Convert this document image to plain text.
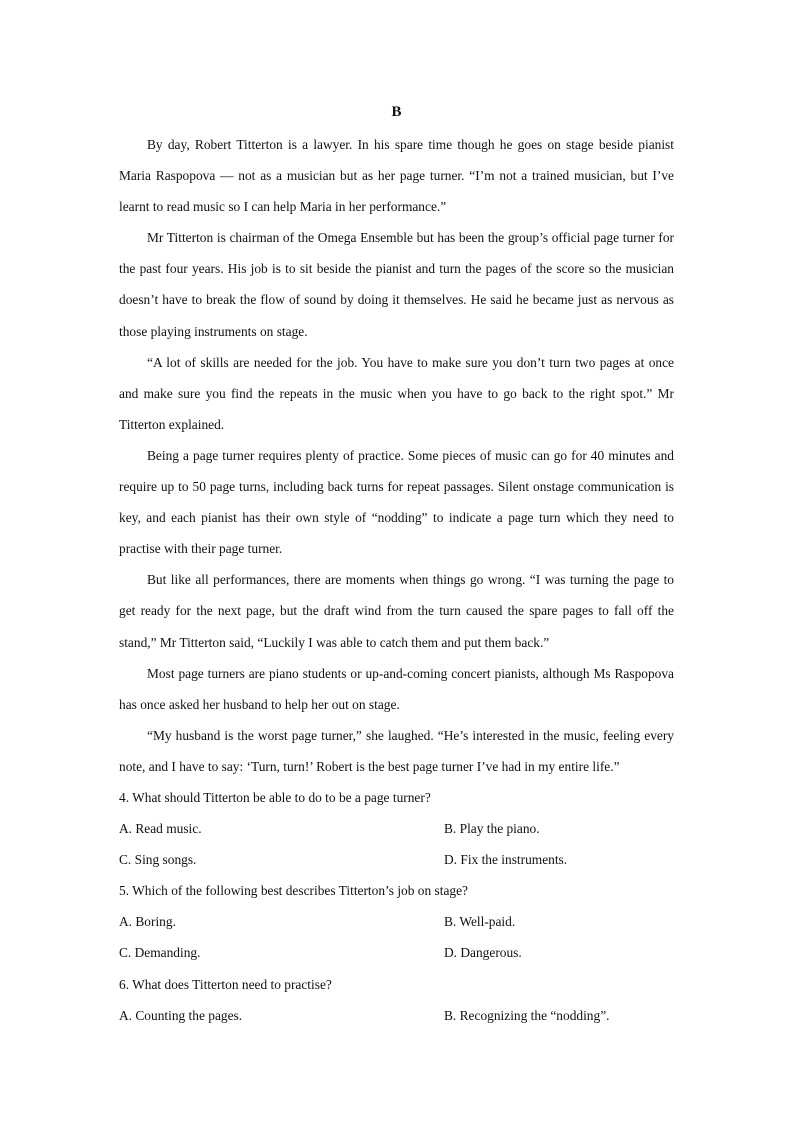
B

By day, Robert Titterton is a lawyer. In his spare time though he goes on stage beside pianist Maria Raspopova — not as a musician but as her page turner. “I’m not a trained musician, but I’ve learnt to read music so I can help Maria in her performance.”

Mr Titterton is chairman of the Omega Ensemble but has been the group’s official page turner for the past four years. His job is to sit beside the pianist and turn the pages of the score so the musician doesn’t have to break the flow of sound by doing it themselves. He said he became just as nervous as those playing instruments on stage.

“A lot of skills are needed for the job. You have to make sure you don’t turn two pages at once and make sure you find the repeats in the music when you have to go back to the right spot.” Mr Titterton explained.

Being a page turner requires plenty of practice. Some pieces of music can go for 40 minutes and require up to 50 page turns, including back turns for repeat passages. Silent onstage communication is key, and each pianist has their own style of “nodding” to indicate a page turn which they need to practise with their page turner.

But like all performances, there are moments when things go wrong. “I was turning the page to get ready for the next page, but the draft wind from the turn caused the spare pages to fall off the stand,” Mr Titterton said, “Luckily I was able to catch them and put them back.”

Most page turners are piano students or up-and-coming concert pianists, although Ms Raspopova has once asked her husband to help her out on stage.

“My husband is the worst page turner,” she laughed. “He’s interested in the music, feeling every note, and I have to say: ‘Turn, turn!’ Robert is the best page turner I’ve had in my entire life.”

4. What should Titterton be able to do to be a page turner?

A. Read music.	B. Play the piano.
C. Sing songs.	D. Fix the instruments.

5. Which of the following best describes Titterton’s job on stage?

A. Boring.	B. Well-paid.
C. Demanding.	D. Dangerous.

6. What does Titterton need to practise?

A. Counting the pages.	B. Recognizing the “nodding”.
